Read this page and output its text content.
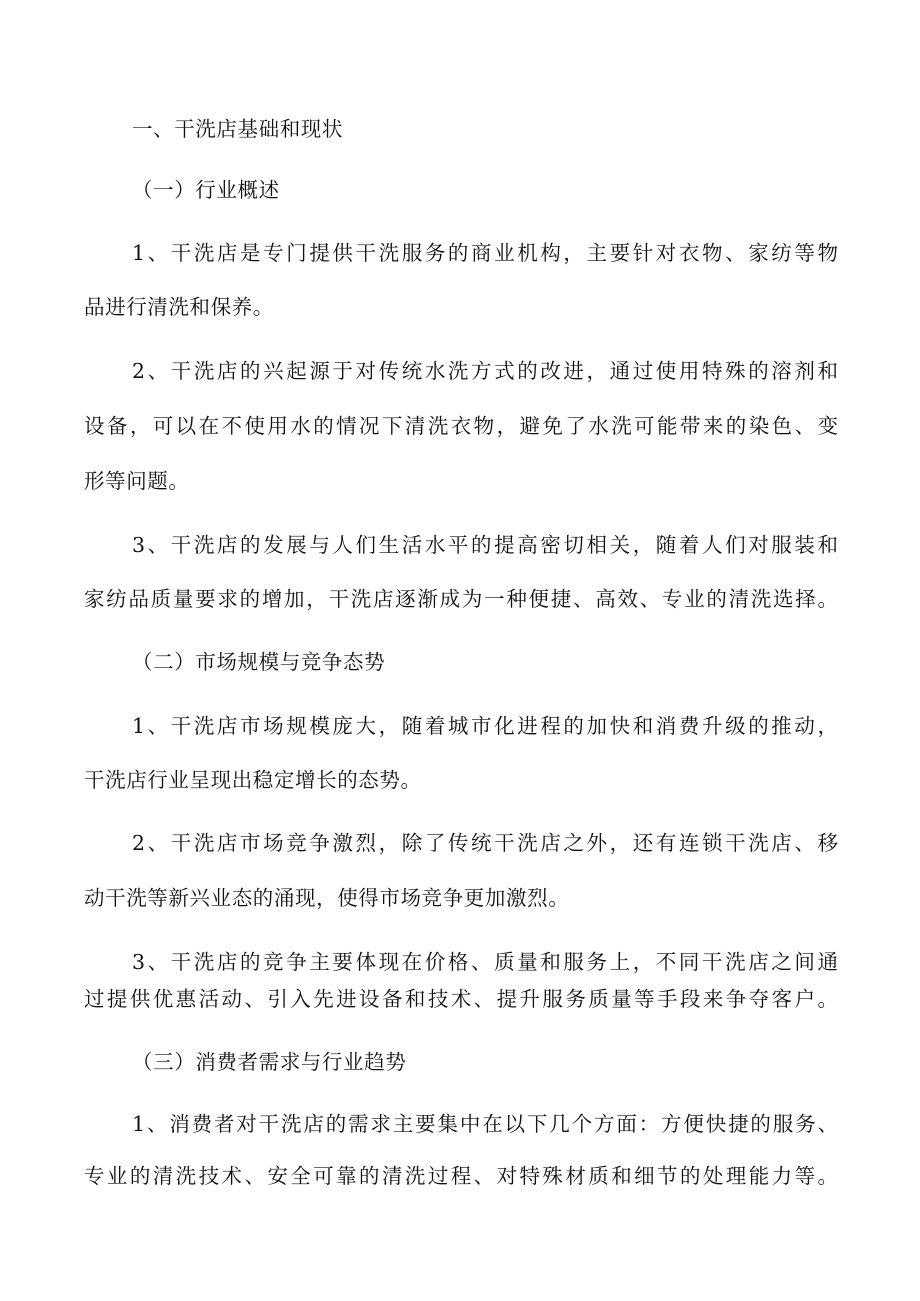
一、干洗店基础和现状
（一）行业概述
1、干洗店是专门提供干洗服务的商业机构，主要针对衣物、家纺等物
品进行清洗和保养。
2、干洗店的兴起源于对传统水洗方式的改进，通过使用特殊的溶剂和
设备，可以在不使用水的情况下清洗衣物，避免了水洗可能带来的染色、变
形等问题。
3、干洗店的发展与人们生活水平的提高密切相关，随着人们对服装和
家纺品质量要求的增加，干洗店逐渐成为一种便捷、高效、专业的清洗选择。
（二）市场规模与竞争态势
1、干洗店市场规模庞大，随着城市化进程的加快和消费升级的推动，
干洗店行业呈现出稳定增长的态势。
2、干洗店市场竞争激烈，除了传统干洗店之外，还有连锁干洗店、移
动干洗等新兴业态的涌现，使得市场竞争更加激烈。
3、干洗店的竞争主要体现在价格、质量和服务上，不同干洗店之间通
过提供优惠活动、引入先进设备和技术、提升服务质量等手段来争夺客户。
（三）消费者需求与行业趋势
1、消费者对干洗店的需求主要集中在以下几个方面：方便快捷的服务、
专业的清洗技术、安全可靠的清洗过程、对特殊材质和细节的处理能力等。
